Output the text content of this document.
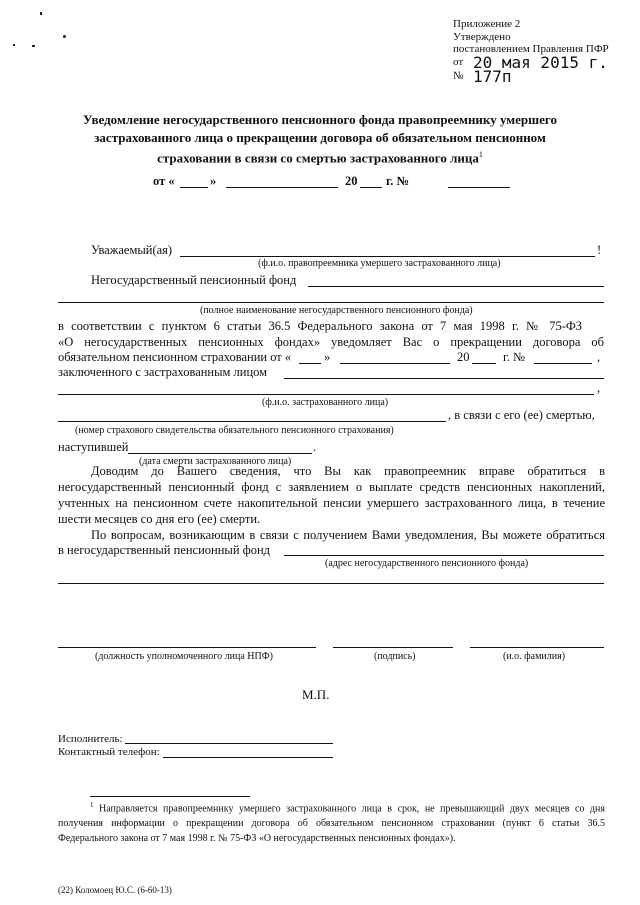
Приложение 2
Утверждено
постановлением Правления ПФР
от 20 мая 2015 г.
№ 177п
Уведомление негосударственного пенсионного фонда правопреемнику умершего
застрахованного лица о прекращении договора об обязательном пенсионном
страховании в связи со смертью застрахованного лица$^1$
от «	»	20 г. №
Уважаемый(ая)	!
(ф.и.о. правопреемника умершего застрахованного лица)
Негосударственный пенсионный фонд
(полное наименование негосударственного пенсионного фонда)
в соответствии с пунктом 6 статьи 36.5 Федерального закона от 7 мая 1998 г. № 75-ФЗ
«О негосударственных пенсионных фондах» уведомляет Вас о прекращении договора об
обязательном пенсионном страховании от «	»	20	г. №	,
заключенного с застрахованным лицом
,
(ф.и.о. застрахованного лица)
, в связи с его (ее) смертью,
(номер страхового свидетельства обязательного пенсионного страхования)
наступившей	.
(дата смерти застрахованного лица)
Доводим до Вашего сведения, что Вы как правопреемник вправе обратиться в
негосударственный пенсионный фонд с заявлением о выплате средств пенсионных накоплений,
учтенных на пенсионном счете накопительной пенсии умершего застрахованного лица, в течение
шести месяцев со дня его (ее) смерти.
По вопросам, возникающим в связи с получением Вами уведомления, Вы можете обратиться
в негосударственный пенсионный фонд
(адрес негосударственного пенсионного фонда)
(должность уполномоченного лица НПФ)	(подпись)	(и.о. фамилия)
М.П.
Исполнитель:
Контактный телефон:
$^1$ Направляется правопреемнику умершего застрахованного лица в срок, не превышающий двух месяцев со дня
получения информации о прекращении договора об обязательном пенсионном страховании (пункт 6 статьи 36.5
Федерального закона от 7 мая 1998 г. № 75-ФЗ «О негосударственных пенсионных фондах»).
(22) Коломоец Ю.С. (6-60-13)
